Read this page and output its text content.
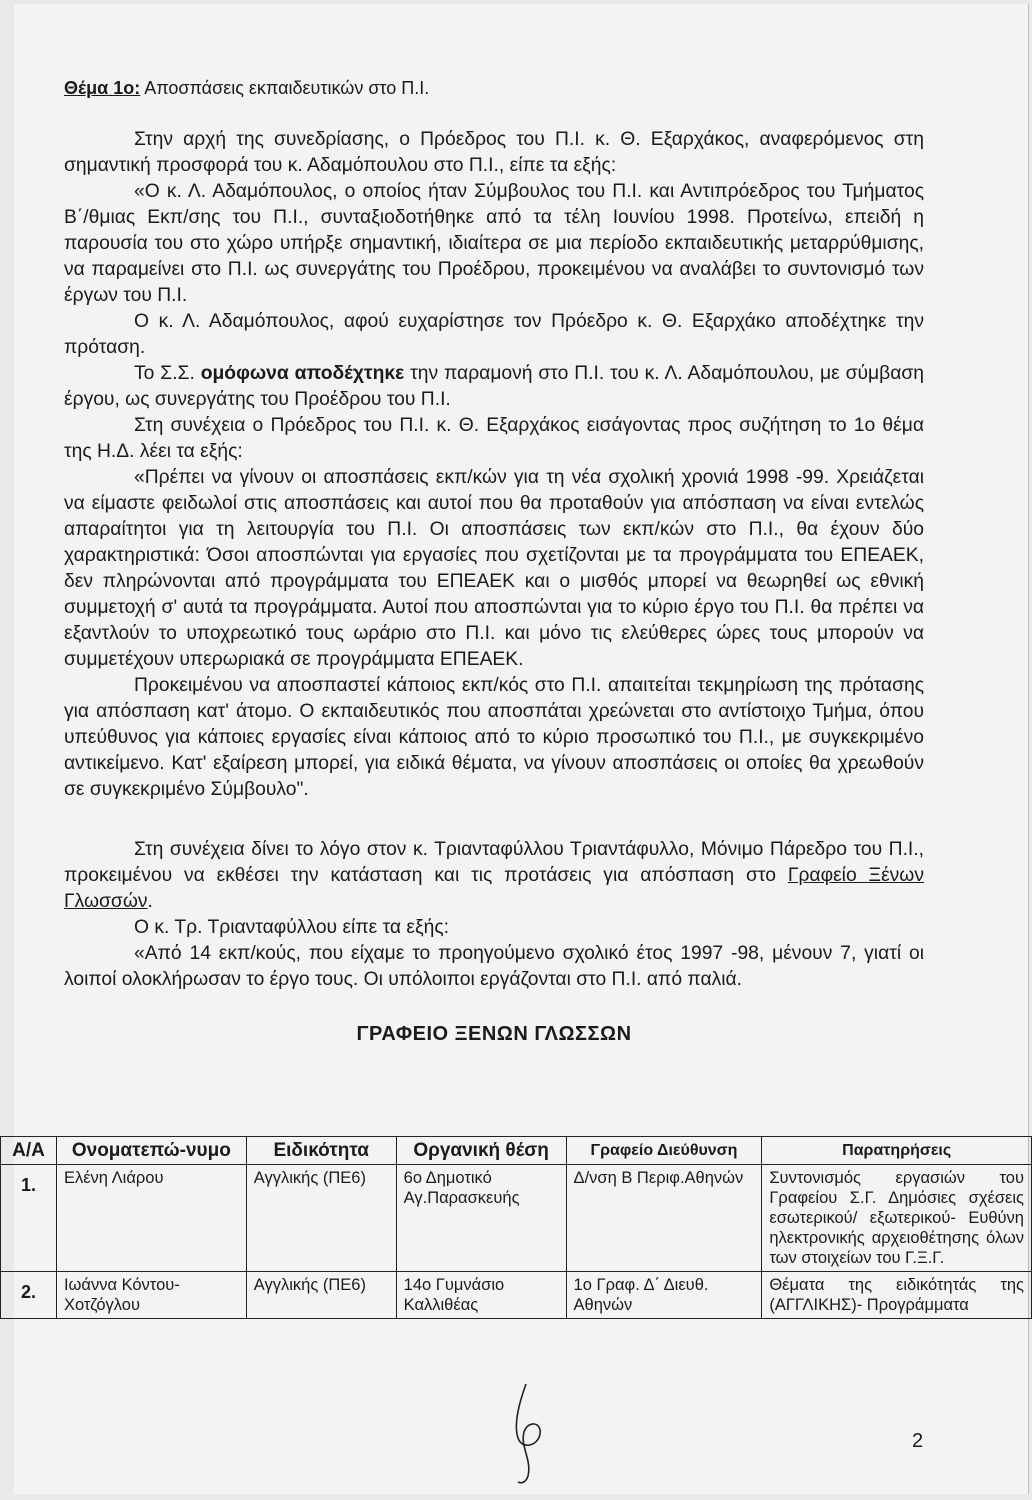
Θέμα 1ο: Αποσπάσεις εκπαιδευτικών στο Π.Ι.

Στην αρχή της συνεδρίασης, ο Πρόεδρος του Π.Ι. κ. Θ. Εξαρχάκος, αναφερόμενος στη σημαντική προσφορά του κ. Αδαμόπουλου στο Π.Ι., είπε τα εξής:

«Ο κ. Λ. Αδαμόπουλος, ο οποίος ήταν Σύμβουλος του Π.Ι. και Αντιπρόεδρος του Τμήματος Β΄/θμιας Εκπ/σης του Π.Ι., συνταξιοδοτήθηκε από τα τέλη Ιουνίου 1998. Προτείνω, επειδή η παρουσία του στο χώρο υπήρξε σημαντική, ιδιαίτερα σε μια περίοδο εκπαιδευτικής μεταρρύθμισης, να παραμείνει στο Π.Ι. ως συνεργάτης του Προέδρου, προκειμένου να αναλάβει το συντονισμό των έργων του Π.Ι.

Ο κ. Λ. Αδαμόπουλος, αφού ευχαρίστησε τον Πρόεδρο κ. Θ. Εξαρχάκο αποδέχτηκε την πρόταση.

Το Σ.Σ. ομόφωνα αποδέχτηκε την παραμονή στο Π.Ι. του κ. Λ. Αδαμόπουλου, με σύμβαση έργου, ως συνεργάτης του Προέδρου του Π.Ι.

Στη συνέχεια ο Πρόεδρος του Π.Ι. κ. Θ. Εξαρχάκος εισάγοντας προς συζήτηση το 1ο θέμα της Η.Δ. λέει τα εξής:

«Πρέπει να γίνουν οι αποσπάσεις εκπ/κών για τη νέα σχολική χρονιά 1998 -99. Χρειάζεται να είμαστε φειδωλοί στις αποσπάσεις και αυτοί που θα προταθούν για απόσπαση να είναι εντελώς απαραίτητοι για τη λειτουργία του Π.Ι. Οι αποσπάσεις των εκπ/κών στο Π.Ι., θα έχουν δύο χαρακτηριστικά: Όσοι αποσπώνται για εργασίες που σχετίζονται με τα προγράμματα του ΕΠΕΑΕΚ, δεν πληρώνονται από προγράμματα του ΕΠΕΑΕΚ και ο μισθός μπορεί να θεωρηθεί ως εθνική συμμετοχή σ' αυτά τα προγράμματα. Αυτοί που αποσπώνται για το κύριο έργο του Π.Ι. θα πρέπει να εξαντλούν το υποχρεωτικό τους ωράριο στο Π.Ι. και μόνο τις ελεύθερες ώρες τους μπορούν να συμμετέχουν υπερωριακά σε προγράμματα ΕΠΕΑΕΚ.

Προκειμένου να αποσπαστεί κάποιος εκπ/κός στο Π.Ι. απαιτείται τεκμηρίωση της πρότασης για απόσπαση κατ' άτομο. Ο εκπαιδευτικός που αποσπάται χρεώνεται στο αντίστοιχο Τμήμα, όπου υπεύθυνος για κάποιες εργασίες είναι κάποιος από το κύριο προσωπικό του Π.Ι., με συγκεκριμένο αντικείμενο. Κατ' εξαίρεση μπορεί, για ειδικά θέματα, να γίνουν αποσπάσεις οι οποίες θα χρεωθούν σε συγκεκριμένο Σύμβουλο".

Στη συνέχεια δίνει το λόγο στον κ. Τριανταφύλλου Τριαντάφυλλο, Μόνιμο Πάρεδρο του Π.Ι., προκειμένου να εκθέσει την κατάσταση και τις προτάσεις για απόσπαση στο Γραφείο Ξένων Γλωσσών.

Ο κ. Τρ. Τριανταφύλλου είπε τα εξής:

«Από 14 εκπ/κούς, που είχαμε το προηγούμενο σχολικό έτος 1997 -98, μένουν 7, γιατί οι λοιποί ολοκλήρωσαν το έργο τους. Οι υπόλοιποι εργάζονται στο Π.Ι. από παλιά.

ΓΡΑΦΕΙΟ ΞΕΝΩΝ ΓΛΩΣΣΩΝ
Α/Α	Ονοματεπώ-νυμο	Ειδικότητα	Οργανική θέση	Γραφείο Διεύθυνση	Παρατηρήσεις
1.	Ελένη Λιάρου	Αγγλικής (ΠΕ6)	6ο Δημοτικό Αγ.Παρασκευής	Δ/νση Β Περιφ.Αθηνών	Συντονισμός εργασιών του Γραφείου Σ.Γ. Δημόσιες σχέσεις εσωτερικού/ εξωτερικού- Ευθύνη ηλεκτρονικής αρχειοθέτησης όλων των στοιχείων του Γ.Ξ.Γ.
2.	Ιωάννα Κόντου-Χοτζόγλου	Αγγλικής (ΠΕ6)	14ο Γυμνάσιο Καλλιθέας	1ο Γραφ. Δ΄ Διευθ. Αθηνών	Θέματα της ειδικότητάς της (ΑΓΓΛΙΚΗΣ)- Προγράμματα
2
